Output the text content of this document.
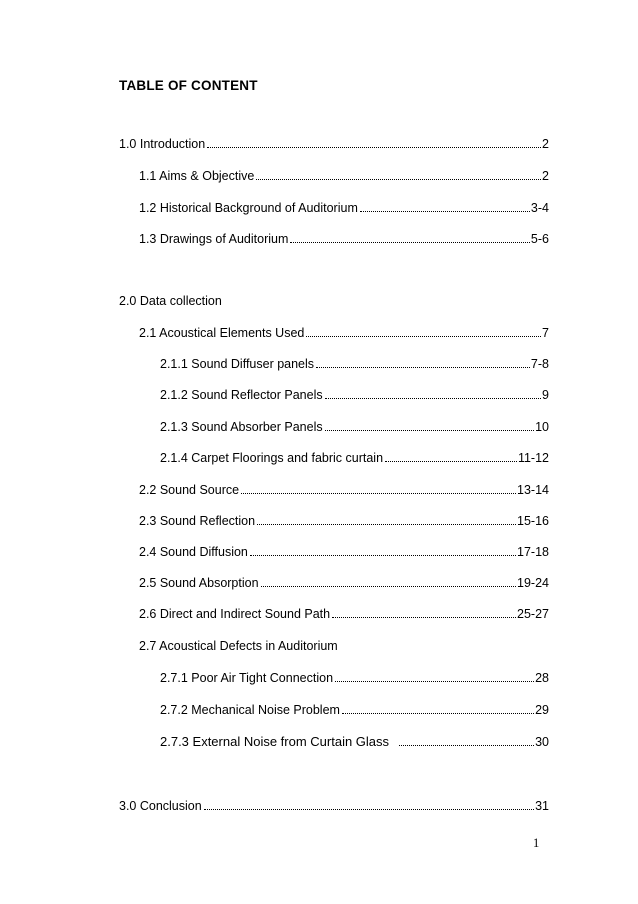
TABLE OF CONTENT
1.0 Introduction	2
1.1 Aims & Objective	2
1.2 Historical Background of Auditorium	3-4
1.3 Drawings of Auditorium	5-6
2.0 Data collection
2.1 Acoustical Elements Used	7
2.1.1 Sound Diffuser panels	7-8
2.1.2 Sound Reflector Panels	9
2.1.3 Sound Absorber Panels	10
2.1.4 Carpet Floorings and fabric curtain	11-12
2.2 Sound Source	13-14
2.3 Sound Reflection	15-16
2.4 Sound Diffusion	17-18
2.5 Sound Absorption	19-24
2.6 Direct and Indirect Sound Path	25-27
2.7 Acoustical Defects in Auditorium
2.7.1 Poor Air Tight Connection	28
2.7.2 Mechanical Noise Problem	29
2.7.3 External Noise from Curtain Glass	30
3.0 Conclusion	31
1
